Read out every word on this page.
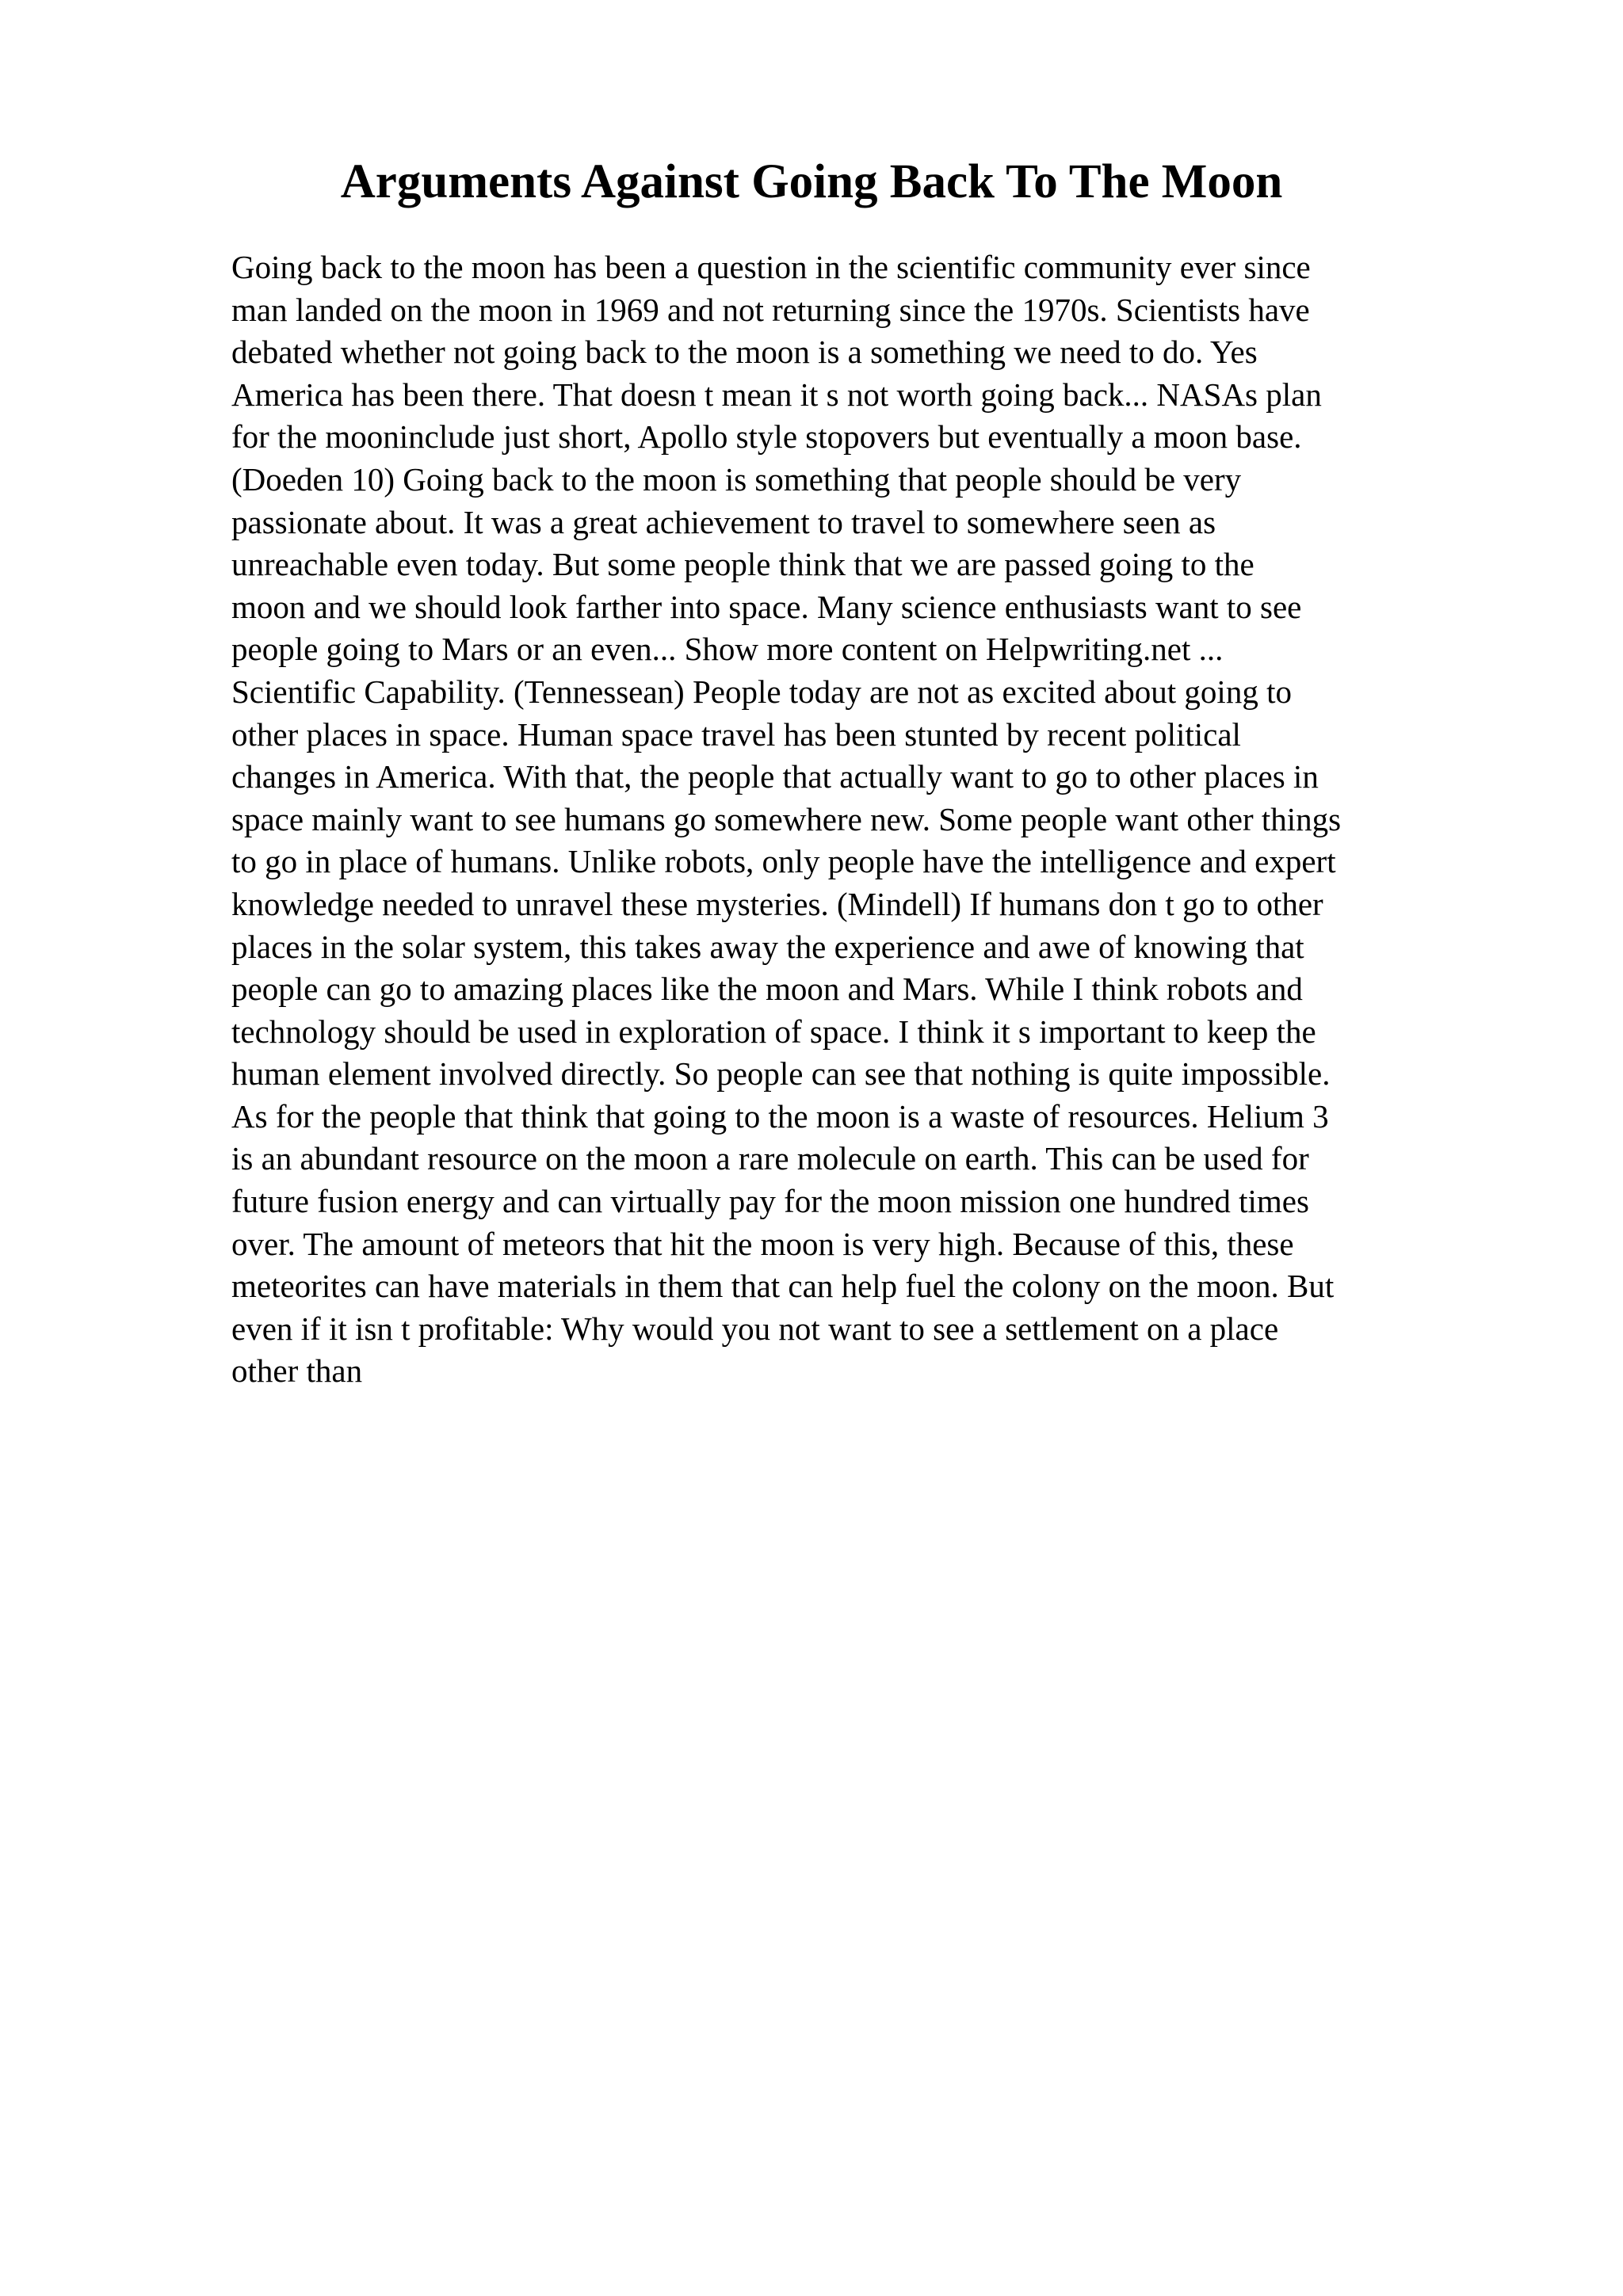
Arguments Against Going Back To The Moon
Going back to the moon has been a question in the scientific community ever since
man landed on the moon in 1969 and not returning since the 1970s. Scientists have
debated whether not going back to the moon is a something we need to do. Yes
America has been there. That doesn t mean it s not worth going back... NASAs plan
for the mooninclude just short, Apollo style stopovers but eventually a moon base.
(Doeden 10) Going back to the moon is something that people should be very
passionate about. It was a great achievement to travel to somewhere seen as
unreachable even today. But some people think that we are passed going to the
moon and we should look farther into space. Many science enthusiasts want to see
people going to Mars or an even... Show more content on Helpwriting.net ...
Scientific Capability. (Tennessean) People today are not as excited about going to
other places in space. Human space travel has been stunted by recent political
changes in America. With that, the people that actually want to go to other places in
space mainly want to see humans go somewhere new. Some people want other things
to go in place of humans. Unlike robots, only people have the intelligence and expert
knowledge needed to unravel these mysteries. (Mindell) If humans don t go to other
places in the solar system, this takes away the experience and awe of knowing that
people can go to amazing places like the moon and Mars. While I think robots and
technology should be used in exploration of space. I think it s important to keep the
human element involved directly. So people can see that nothing is quite impossible.
As for the people that think that going to the moon is a waste of resources. Helium 3
is an abundant resource on the moon a rare molecule on earth. This can be used for
future fusion energy and can virtually pay for the moon mission one hundred times
over. The amount of meteors that hit the moon is very high. Because of this, these
meteorites can have materials in them that can help fuel the colony on the moon. But
even if it isn t profitable: Why would you not want to see a settlement on a place
other than
